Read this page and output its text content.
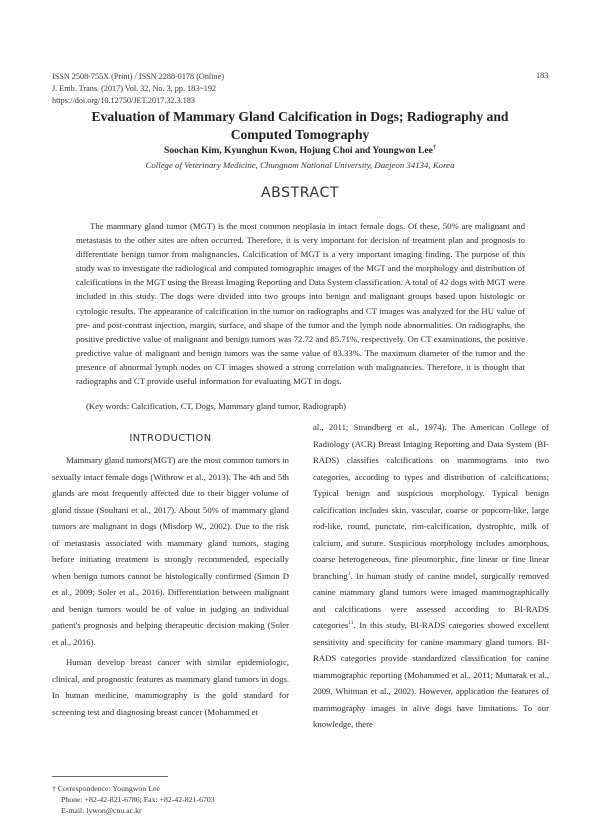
ISSN 2508-755X (Print) / ISSN 2288-0178 (Online)
J. Emb. Trans. (2017) Vol. 32, No. 3, pp. 183~192
https://doi.org/10.12750/JET.2017.32.3.183
183
Evaluation of Mammary Gland Calcification in Dogs; Radiography and Computed Tomography
Soochan Kim, Kyunghun Kwon, Hojung Choi and Youngwon Lee†
College of Veterinary Medicine, Chungnam National University, Daejeon 34134, Korea
ABSTRACT

The mammary gland tumor (MGT) is the most common neoplasia in intact female dogs. Of these, 50% are malignant and metastasis to the other sites are often occurred. Therefore, it is very important for decision of treatment plan and prognosis to differentiate benign tumor from malignancies. Calcification of MGT is a very important imaging finding. The purpose of this study was to investigate the radiological and computed tomographic images of the MGT and the morphology and distribution of calcifications in the MGT using the Breast Imaging Reporting and Data System classification. A total of 42 dogs with MGT were included in this study. The dogs were divided into two groups into benign and malignant groups based upon histologic or cytologic results. The appearance of calcification in the tumor on radiographs and CT images was analyzed for the HU value of pre- and post-contrast injection, margin, surface, and shape of the tumor and the lymph node abnormalities. On radiographs, the positive predictive value of malignant and benign tumors was 72.72 and 85.71%, respectively. On CT examinations, the positive predictive value of malignant and benign tumors was the same value of 83.33%. The maximum diameter of the tumor and the presence of abnormal lymph nodes on CT images showed a strong correlation with malignancies. Therefore, it is thought that radiographs and CT provide useful information for evaluating MGT in dogs.

(Key words: Calcification, CT, Dogs, Mammary gland tumor, Radiograph)
INTRODUCTION

Mammary gland tumors(MGT) are the most common tumors in sexually intact female dogs (Withrow et al., 2013). The 4th and 5th glands are most frequently affected due to their bigger volume of gland tissue (Soultani et al., 2017). About 50% of mammary gland tumors are malignant in dogs (Misdorp W., 2002). Due to the risk of metastasis associated with mammary gland tumors, staging before initiating treatment is strongly recommended, especially when benign tumors cannot be histologically confirmed (Simon D et al., 2009; Soler et al., 2016). Differentiation between malignant and benign tumors would be of value in judging an individual patient's prognosis and helping therapeutic decision making (Soler et al., 2016).

Human develop breast cancer with similar epidemiologic, clinical, and prognostic features as mammary gland tumors in dogs. In human medicine, mammography is the gold standard for screening test and diagnosing breast cancer (Mohammed et

al., 2011; Strandberg et al., 1974). The American College of Radiology (ACR) Breast Imaging Reporting and Data System (BI-RADS) classifies calcifications on mammograms into two categories, according to types and distribution of calcifications; Typical benign and suspicious morphology. Typical benign calcification includes skin, vascular, coarse or popcorn-like, large rod-like, round, punctate, rim-calcification, dystrophic, milk of calcium, and suture. Suspicious morphology includes amorphous, coarse heterogeneous, fine pleomorphic, fine linear or fine linear branching$^1$. In human study of canine model, surgically removed canine mammary gland tumors were imaged mammographically and calcifications were assessed according to BI-RADS categories$^{11}$. In this study, BI-RADS categories showed excellent sensitivity and specificity for canine mammary gland tumors. BI-RADS categories provide standardized classification for canine mammographic reporting (Mohammed et al., 2011; Muttarak et al., 2009, Whitman et al., 2002). However, application the features of mammography images in alive dogs have limitations. To our knowledge, there

† Correspondence: Youngwon Lee
Phone: +82-42-821-6786; Fax: +82-42-821-6703
E-mail: lywon@cnu.ac.kr
